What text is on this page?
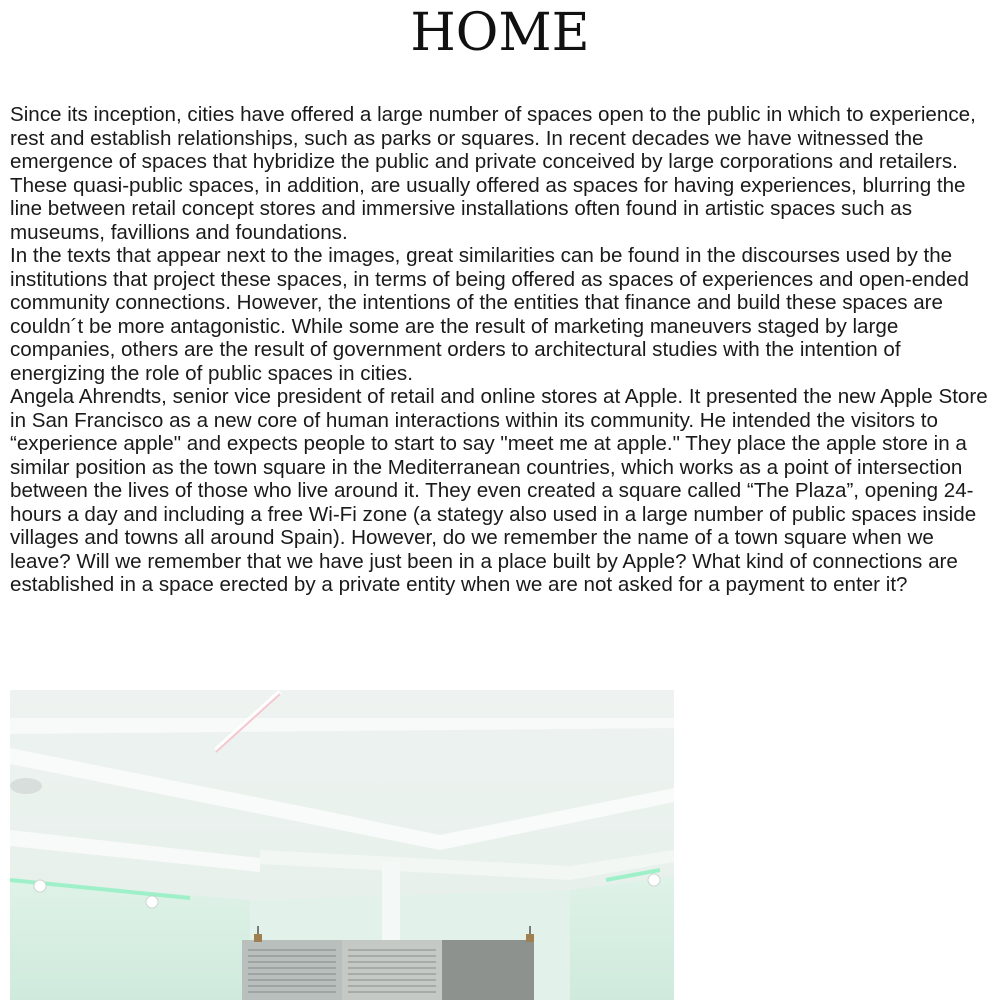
HOME

Since its inception, cities have offered a large number of spaces open to the public in which to experience, rest and establish relationships, such as parks or squares. In recent decades we have witnessed the emergence of spaces that hybridize the public and private conceived by large corporations and retailers. These quasi-public spaces, in addition, are usually offered as spaces for having experiences, blurring the line between retail concept stores and immersive installations often found in artistic spaces such as museums, favillions and foundations.

In the texts that appear next to the images, great similarities can be found in the discourses used by the institutions that project these spaces, in terms of being offered as spaces of experiences and open-ended community connections. However, the intentions of the entities that finance and build these spaces are couldn´t be more antagonistic. While some are the result of marketing maneuvers staged by large companies, others are the result of government orders to architectural studies with the intention of energizing the role of public spaces in cities.

Angela Ahrendts, senior vice president of retail and online stores at Apple. It presented the new Apple Store in San Francisco as a new core of human interactions within its community. He intended the visitors to “experience apple" and expects people to start to say "meet me at apple." They place the apple store in a similar position as the town square in the Mediterranean countries, which works as a point of intersection between the lives of those who live around it. They even created a square called “The Plaza”, opening 24-hours a day and including a free Wi-Fi zone (a stategy also used in a large number of public spaces inside villages and towns all around Spain). However, do we remember the name of a town square when we leave? Will we remember that we have just been in a place built by Apple? What kind of connections are established in a space erected by a private entity when we are not asked for a payment to enter it?
